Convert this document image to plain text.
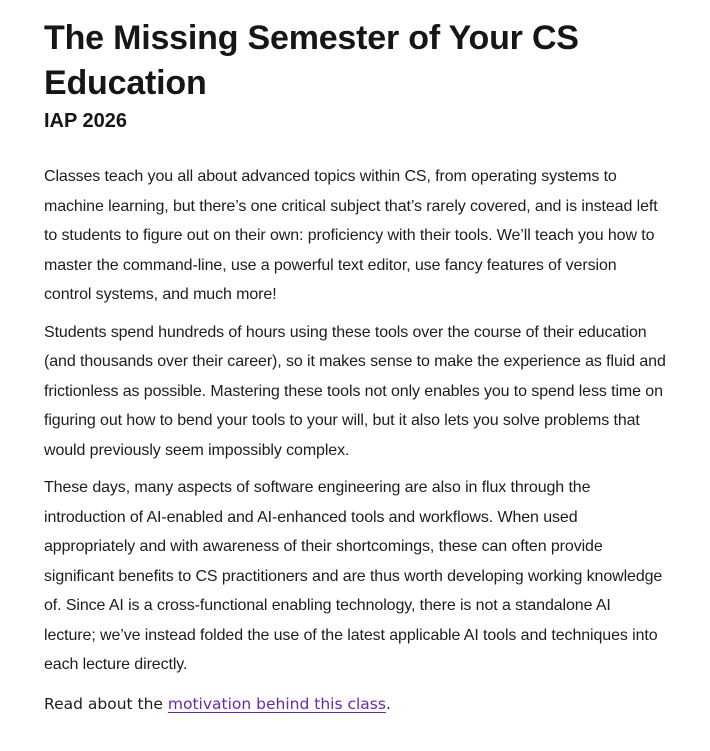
The Missing Semester of Your CS Education
IAP 2026

Classes teach you all about advanced topics within CS, from operating systems to machine learning, but there’s one critical subject that’s rarely covered, and is instead left to students to figure out on their own: proficiency with their tools. We’ll teach you how to master the command-line, use a powerful text editor, use fancy features of version control systems, and much more!

Students spend hundreds of hours using these tools over the course of their education (and thousands over their career), so it makes sense to make the experience as fluid and frictionless as possible. Mastering these tools not only enables you to spend less time on figuring out how to bend your tools to your will, but it also lets you solve problems that would previously seem impossibly complex.

These days, many aspects of software engineering are also in flux through the introduction of AI-enabled and AI-enhanced tools and workflows. When used appropriately and with awareness of their shortcomings, these can often provide significant benefits to CS practitioners and are thus worth developing working knowledge of. Since AI is a cross-functional enabling technology, there is not a standalone AI lecture; we’ve instead folded the use of the latest applicable AI tools and techniques into each lecture directly.

Read about the motivation behind this class.
